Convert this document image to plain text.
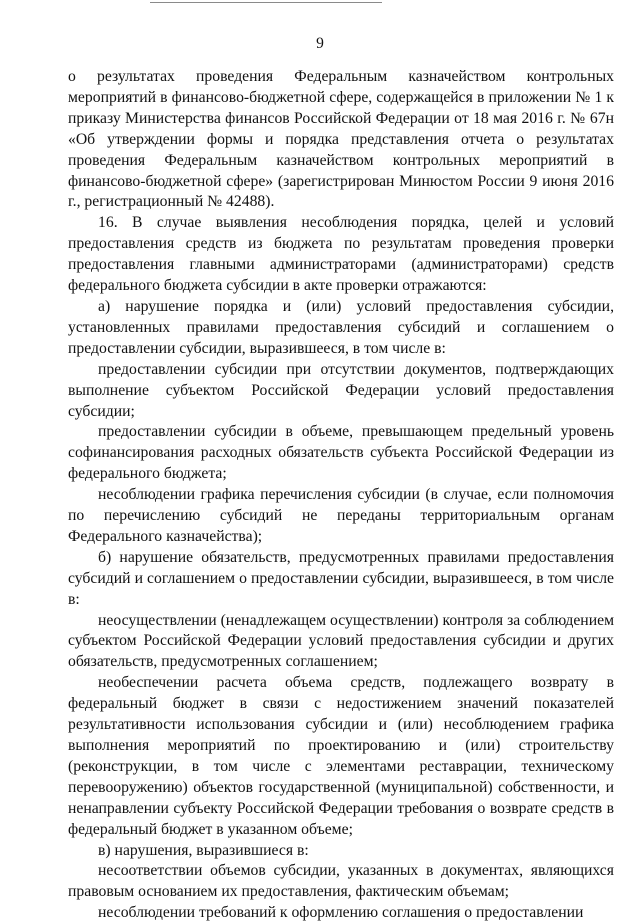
9

о результатах проведения Федеральным казначейством контрольных мероприятий в финансово-бюджетной сфере, содержащейся в приложении № 1 к приказу Министерства финансов Российской Федерации от 18 мая 2016 г. № 67н «Об утверждении формы и порядка представления отчета о результатах проведения Федеральным казначейством контрольных мероприятий в финансово-бюджетной сфере» (зарегистрирован Минюстом России 9 июня 2016 г., регистрационный № 42488).

16. В случае выявления несоблюдения порядка, целей и условий предоставления средств из бюджета по результатам проведения проверки предоставления главными администраторами (администраторами) средств федерального бюджета субсидии в акте проверки отражаются:

а) нарушение порядка и (или) условий предоставления субсидии, установленных правилами предоставления субсидий и соглашением о предоставлении субсидии, выразившееся, в том числе в:

предоставлении субсидии при отсутствии документов, подтверждающих выполнение субъектом Российской Федерации условий предоставления субсидии;

предоставлении субсидии в объеме, превышающем предельный уровень софинансирования расходных обязательств субъекта Российской Федерации из федерального бюджета;

несоблюдении графика перечисления субсидии (в случае, если полномочия по перечислению субсидий не переданы территориальным органам Федерального казначейства);

б) нарушение обязательств, предусмотренных правилами предоставления субсидий и соглашением о предоставлении субсидии, выразившееся, в том числе в:

неосуществлении (ненадлежащем осуществлении) контроля за соблюдением субъектом Российской Федерации условий предоставления субсидии и других обязательств, предусмотренных соглашением;

необеспечении расчета объема средств, подлежащего возврату в федеральный бюджет в связи с недостижением значений показателей результативности использования субсидии и (или) несоблюдением графика выполнения мероприятий по проектированию и (или) строительству (реконструкции, в том числе с элементами реставрации, техническому перевооружению) объектов государственной (муниципальной) собственности, и ненаправлении субъекту Российской Федерации требования о возврате средств в федеральный бюджет в указанном объеме;

в) нарушения, выразившиеся в:

несоответствии объемов субсидии, указанных в документах, являющихся правовым основанием их предоставления, фактическим объемам;

несоблюдении требований к оформлению соглашения о предоставлении
